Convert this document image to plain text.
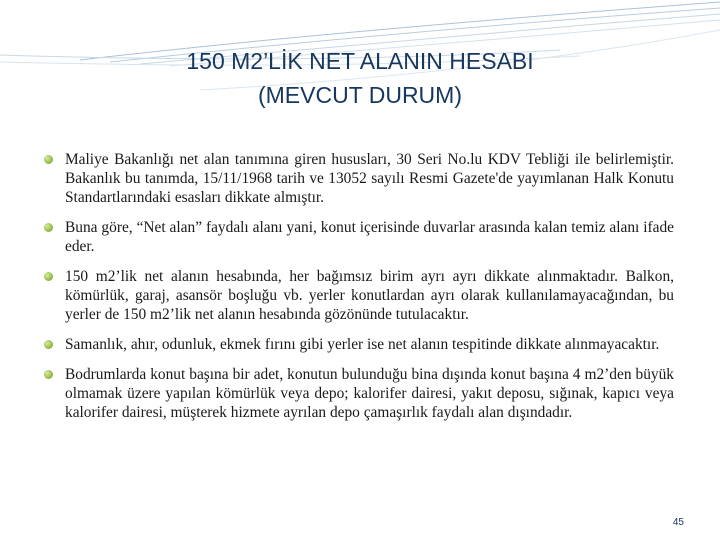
150 M2’LİK NET ALANIN HESABI
(MEVCUT DURUM)
Maliye Bakanlığı net alan tanımına giren hususları, 30 Seri No.lu KDV Tebliği ile belirlemiştir. Bakanlık bu tanımda, 15/11/1968 tarih ve 13052 sayılı Resmi Gazete'de yayımlanan Halk Konutu Standartlarındaki esasları dikkate almıştır.
Buna göre, “Net alan” faydalı alanı yani, konut içerisinde duvarlar arasında kalan temiz alanı ifade eder.
150 m2’lik net alanın hesabında, her bağımsız birim ayrı ayrı dikkate alınmaktadır. Balkon, kömürlük, garaj, asansör boşluğu vb. yerler konutlardan ayrı olarak kullanılamayacağından, bu yerler de 150 m2’lik net alanın hesabında gözönünde tutulacaktır.
Samanlık, ahır, odunluk, ekmek fırını gibi yerler ise net alanın tespitinde dikkate alınmayacaktır.
Bodrumlarda konut başına bir adet, konutun bulunduğu bina dışında konut başına 4 m2’den büyük olmamak üzere yapılan kömürlük veya depo; kalorifer dairesi, yakıt deposu, sığınak, kapıcı veya kalorifer dairesi, müşterek hizmete ayrılan depo çamaşırlık faydalı alan dışındadır.
45
